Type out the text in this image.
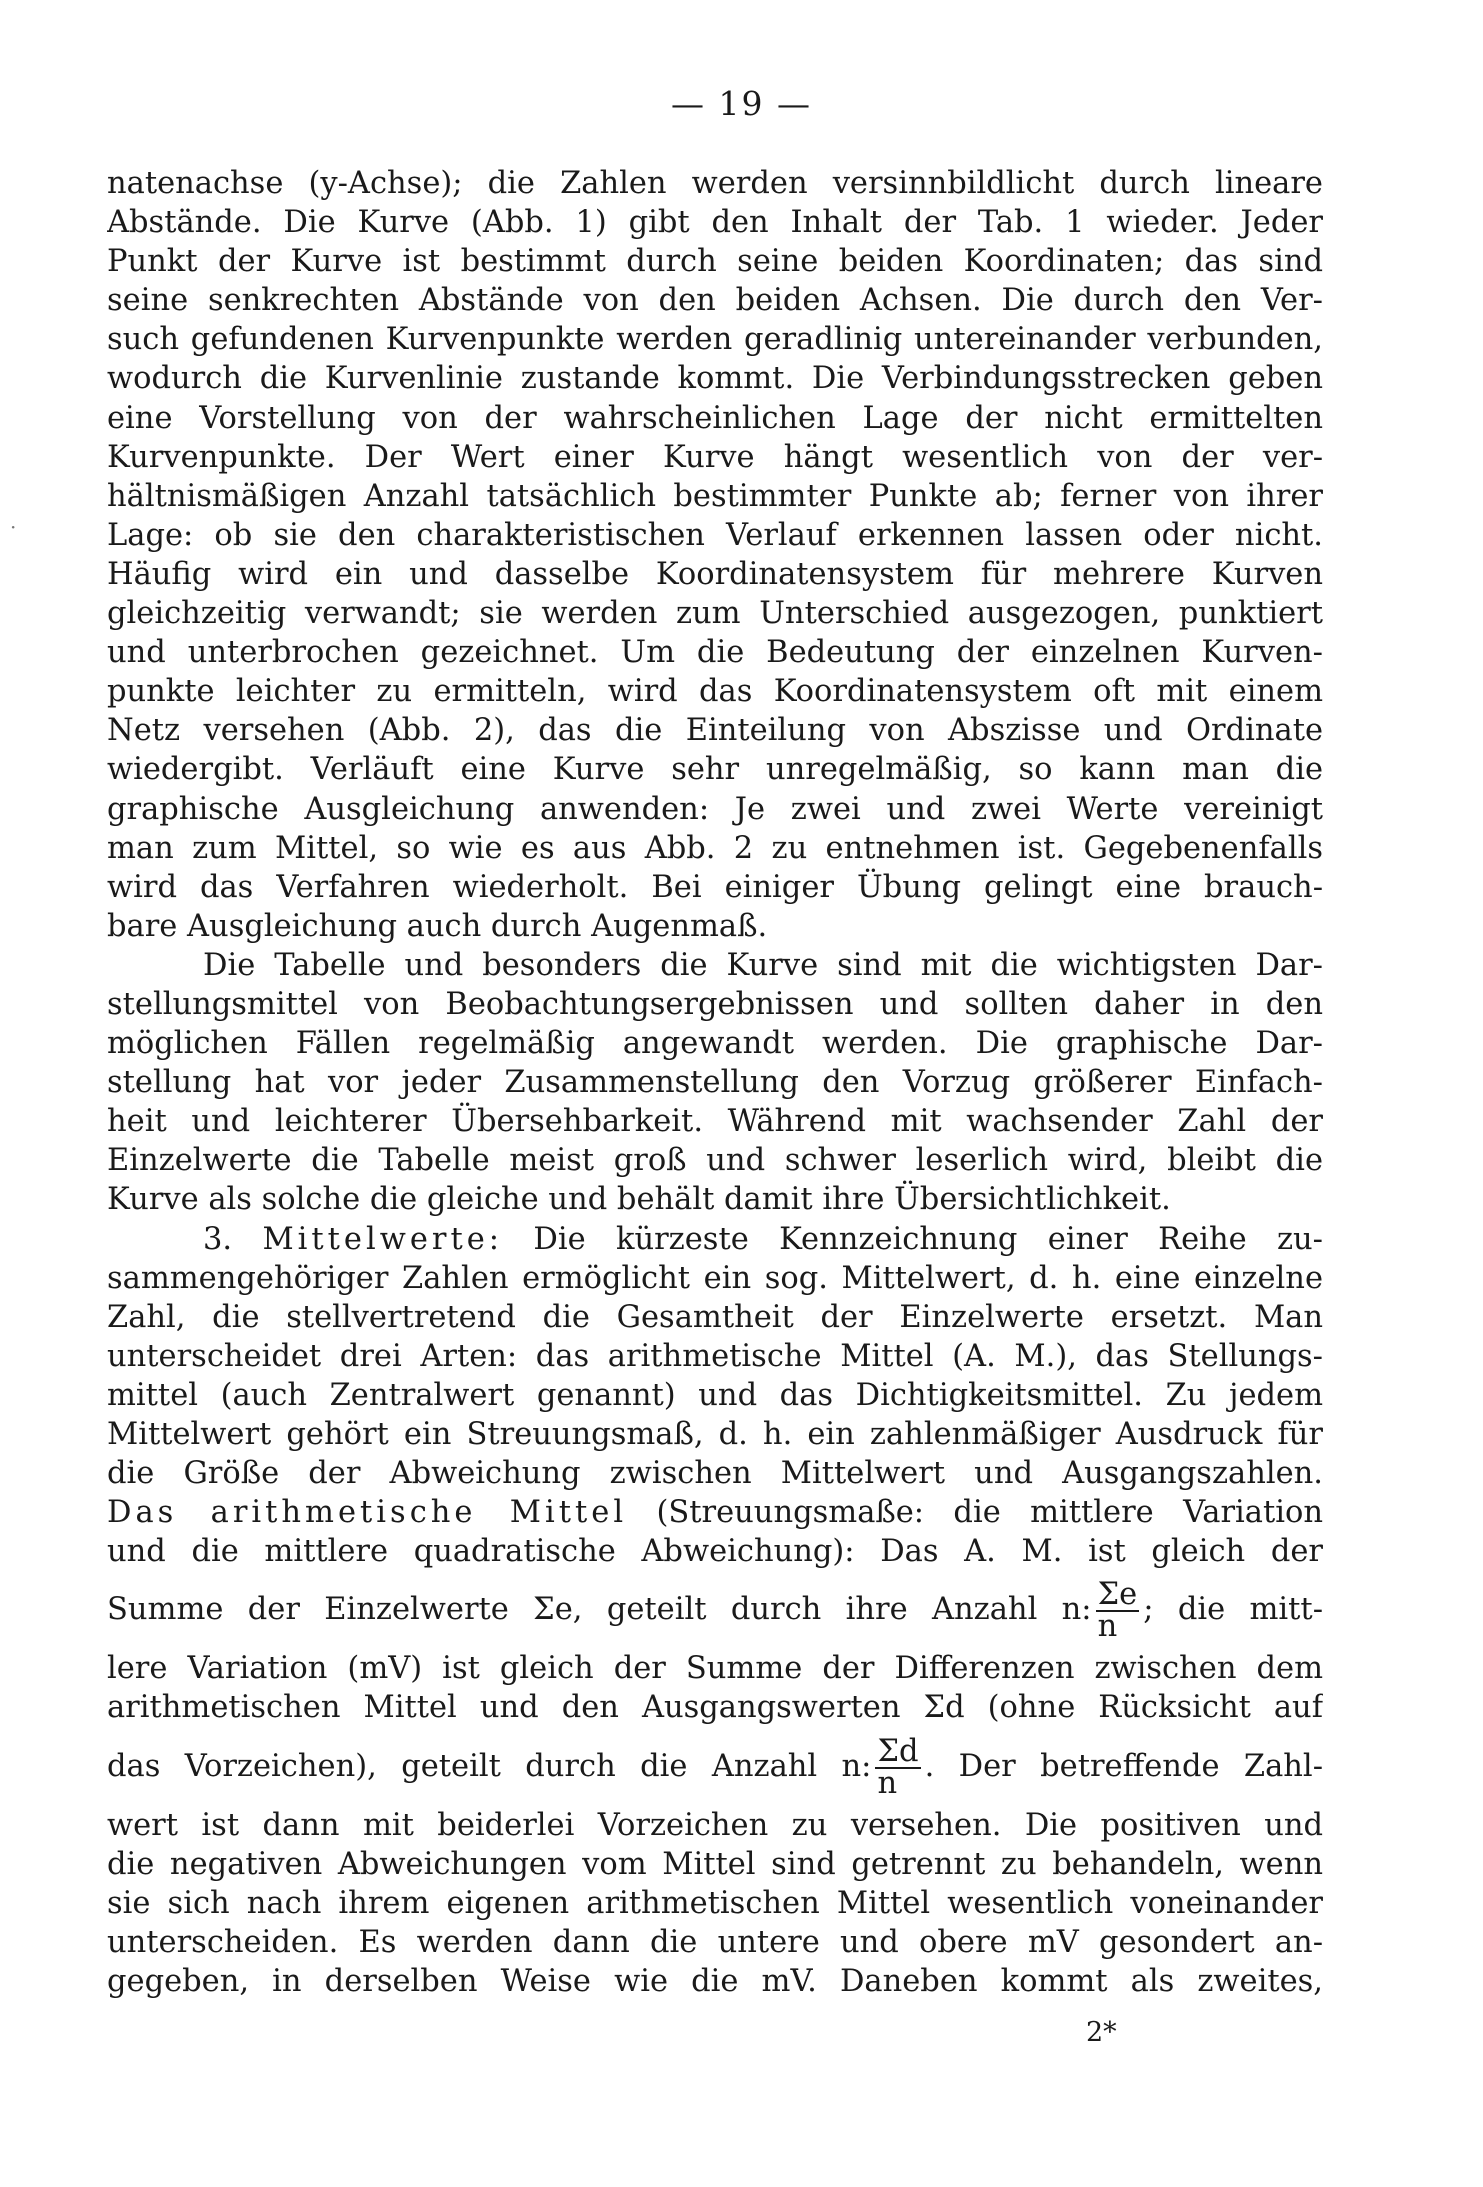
— 19 —
·
natenachse (y-Achse); die Zahlen werden versinnbildlicht durch lineare
Abstände. Die Kurve (Abb. 1) gibt den Inhalt der Tab. 1 wieder. Jeder
Punkt der Kurve ist bestimmt durch seine beiden Koordinaten; das sind
seine senkrechten Abstände von den beiden Achsen. Die durch den Ver-
such gefundenen Kurvenpunkte werden geradlinig untereinander verbunden,
wodurch die Kurvenlinie zustande kommt. Die Verbindungsstrecken geben
eine Vorstellung von der wahrscheinlichen Lage der nicht ermittelten
Kurvenpunkte. Der Wert einer Kurve hängt wesentlich von der ver-
hältnismäßigen Anzahl tatsächlich bestimmter Punkte ab; ferner von ihrer
Lage: ob sie den charakteristischen Verlauf erkennen lassen oder nicht.
Häufig wird ein und dasselbe Koordinatensystem für mehrere Kurven
gleichzeitig verwandt; sie werden zum Unterschied ausgezogen, punktiert
und unterbrochen gezeichnet. Um die Bedeutung der einzelnen Kurven-
punkte leichter zu ermitteln, wird das Koordinatensystem oft mit einem
Netz versehen (Abb. 2), das die Einteilung von Abszisse und Ordinate
wiedergibt. Verläuft eine Kurve sehr unregelmäßig, so kann man die
graphische Ausgleichung anwenden: Je zwei und zwei Werte vereinigt
man zum Mittel, so wie es aus Abb. 2 zu entnehmen ist. Gegebenenfalls
wird das Verfahren wiederholt. Bei einiger Übung gelingt eine brauch-
bare Ausgleichung auch durch Augenmaß.
Die Tabelle und besonders die Kurve sind mit die wichtigsten Dar-
stellungsmittel von Beobachtungsergebnissen und sollten daher in den
möglichen Fällen regelmäßig angewandt werden. Die graphische Dar-
stellung hat vor jeder Zusammenstellung den Vorzug größerer Einfach-
heit und leichterer Übersehbarkeit. Während mit wachsender Zahl der
Einzelwerte die Tabelle meist groß und schwer leserlich wird, bleibt die
Kurve als solche die gleiche und behält damit ihre Übersichtlichkeit.
3. Mittelwerte: Die kürzeste Kennzeichnung einer Reihe zu-
sammengehöriger Zahlen ermöglicht ein sog. Mittelwert, d. h. eine einzelne
Zahl, die stellvertretend die Gesamtheit der Einzelwerte ersetzt. Man
unterscheidet drei Arten: das arithmetische Mittel (A. M.), das Stellungs-
mittel (auch Zentralwert genannt) und das Dichtigkeitsmittel. Zu jedem
Mittelwert gehört ein Streuungsmaß, d. h. ein zahlenmäßiger Ausdruck für
die Größe der Abweichung zwischen Mittelwert und Ausgangszahlen.
Das arithmetische Mittel (Streuungsmaße: die mittlere Variation
und die mittlere quadratische Abweichung): Das A. M. ist gleich der
Summe der Einzelwerte Σe, geteilt durch ihre Anzahl n: $\frac{\Sigma e}{n}$ ; die mitt-
lere Variation (mV) ist gleich der Summe der Differenzen zwischen dem
arithmetischen Mittel und den Ausgangswerten Σd (ohne Rücksicht auf
das Vorzeichen), geteilt durch die Anzahl n: $\frac{\Sigma d}{n}$ . Der betreffende Zahl-
wert ist dann mit beiderlei Vorzeichen zu versehen. Die positiven und
die negativen Abweichungen vom Mittel sind getrennt zu behandeln, wenn
sie sich nach ihrem eigenen arithmetischen Mittel wesentlich voneinander
unterscheiden. Es werden dann die untere und obere mV gesondert an-
gegeben, in derselben Weise wie die mV. Daneben kommt als zweites,
2*
